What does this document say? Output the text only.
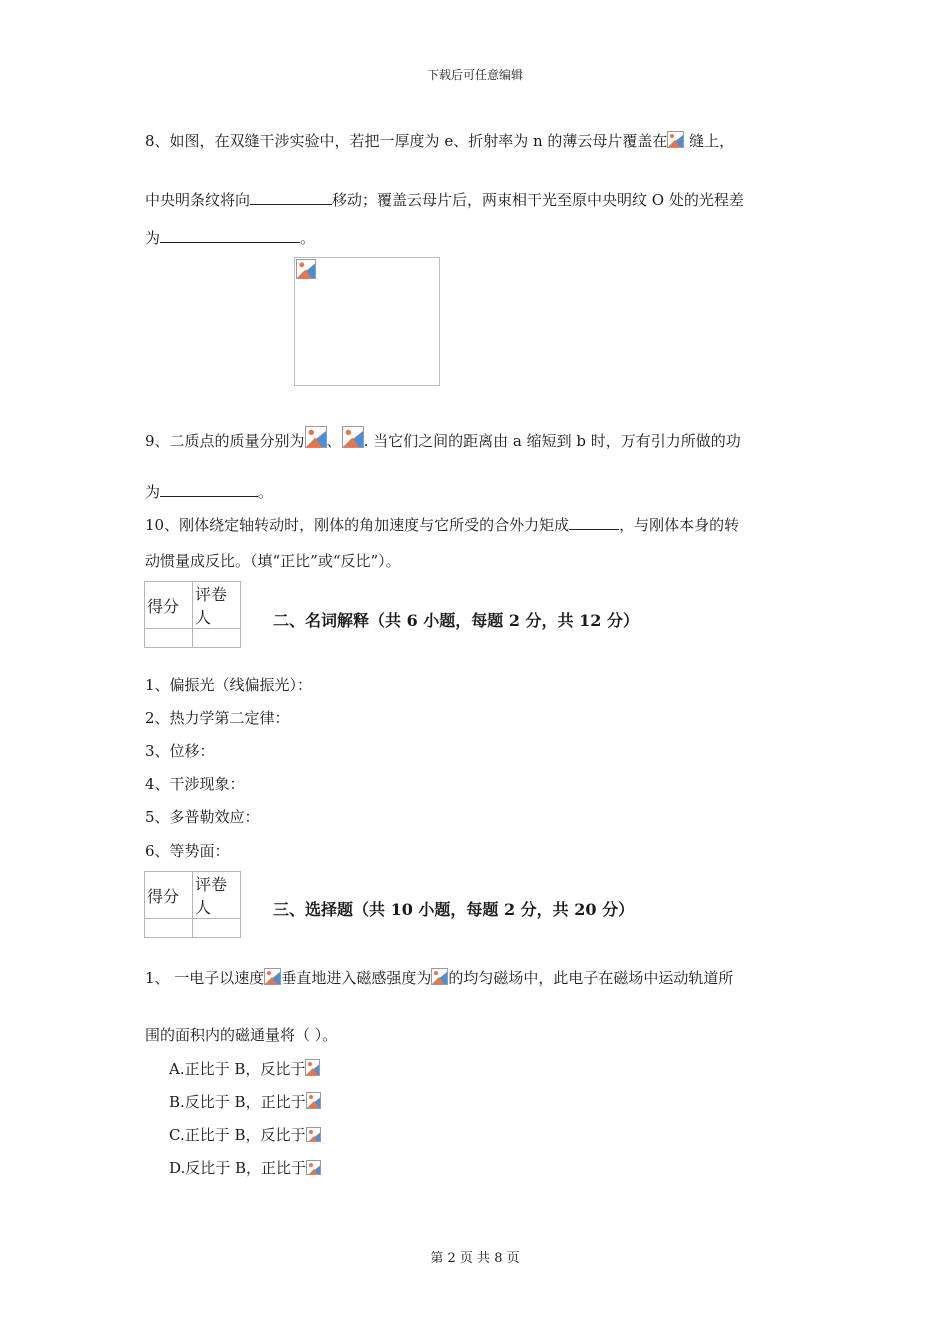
下载后可任意编辑
8、如图，在双缝干涉实验中，若把一厚度为 e、折射率为 n 的薄云母片覆盖在 缝上，
中央明条纹将向	移动；覆盖云母片后，两束相干光至原中央明纹 O 处的光程差
为	。
9、二质点的质量分别为 、 . 当它们之间的距离由 a 缩短到 b 时，万有引力所做的功
为	。
10、刚体绕定轴转动时，刚体的角加速度与它所受的合外力矩成	，与刚体本身的转
动惯量成反比。（填“正比”或“反比”）。
得分	评卷人
		二、名词解释（共 6 小题，每题 2 分，共 12 分）
1、偏振光（线偏振光）：
2、热力学第二定律：
3、位移：
4、干涉现象：
5、多普勒效应：
6、等势面：
得分	评卷人
		三、选择题（共 10 小题，每题 2 分，共 20 分）
1、 一电子以速度 垂直地进入磁感强度为 的均匀磁场中，此电子在磁场中运动轨道所
围的面积内的磁通量将（ ）。
A.正比于 B，反比于
B.反比于 B，正比于
C.正比于 B，反比于
D.反比于 B，正比于
第 2 页 共 8 页
